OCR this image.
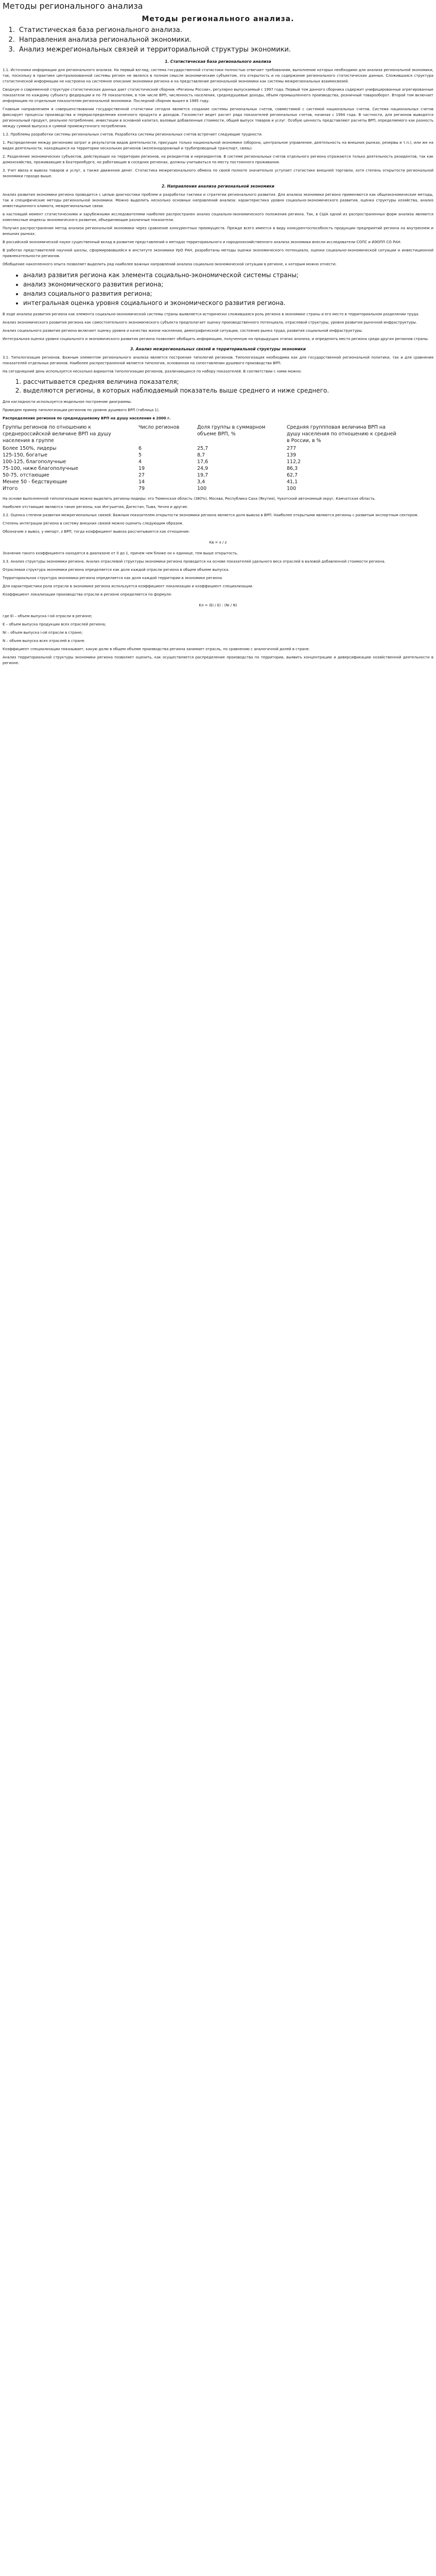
Методы регионального анализа
Методы регионального анализа.
1. Статистическая база регионального анализа.
2. Направления анализа региональной экономики.
3. Анализ межрегиональных связей и территориальной структуры экономики.
1. Статистическая база регионального анализа

1.1. Источники информации для регионального анализа. На первый взгляд, система государственной статистики полностью отвечает требованиям, выполнение которых необходимо для анализа региональной экономики, так, поскольку в практике централизованной системы регион не являлся в полном смысле экономическим субъектом, эта открытость и на содержание регионального статистических данных. Сложившаяся структура статистической информации не настроена на системное описание экономики региона и на представление региональной экономики как системы межрегиональных взаимосвязей.

Сводную о современной структуре статистических данных дает статистический сборник «Регионы России», регулярно выпускаемый с 1997 года. Первый том данного сборника содержит унифицированные агрегированные показатели по каждому субъекту федерации и по 79 показателям, в том числе ВРП, численность населения, среднедушевые доходы, объем промышленного производства, розничный товарооборот. Второй том включает информацию по отдельным показателям региональной экономики. Последний сборник вышел в 1985 году.

Главным направлением в совершенствовании государственной статистики сегодня является создание системы региональных счетов, совместимой с системой национальных счетов. Система национальных счетов фиксирует процессы производства и перераспределения конечного продукта и доходов. Госкомстат ведет расчет ряда показателей региональных счетов, начиная с 1994 года. В частности, для регионов выводятся региональный продукт, реальное потребление, инвестиции в основной капитал, валовые добавленные стоимости, общий выпуск товаров и услуг. Особую ценность представляют расчеты ВРП, определяемого как разность между суммой выпуска и суммой промежуточного потребления.

1.2. Проблемы разработки системы региональных счетов. Разработка системы региональных счетов встречает следующие трудности.

1. Распределение между регионами затрат и результатов видов деятельности, присущих только национальной экономике (оборона, центральное управление, деятельность на внешних рынках, резервы и т.п.), или же на видах деятельности, находящихся на территории нескольких регионов (железнодорожный и трубопроводный транспорт, связь).

2. Разделение экономических субъектов, действующих на территории регионов, на резидентов и нерезидентов. В системе региональных счетов отдельного региона отражаются только деятельность резидентов, так как домохозяйства, проживающие в Екатеринбурге, но работающие в соседних регионах, должны учитываться по месту постоянного проживания.

3. Учет ввоза и вывоза товаров и услуг, а также движения денег. Статистика межрегионального обмена по своей полноте значительно уступает статистике внешней торговли, хотя степень открытости региональной экономики гораздо выше.

2. Направления анализа региональной экономики

Анализ развития экономики региона проводится с целью диагностики проблем и разработки тактики и стратегии регионального развития. Для анализа экономики региона применяются как общеэкономические методы, так и специфические методы региональной экономики. Можно выделить несколько основных направлений анализа: характеристика уровня социально-экономического развития, оценка структуры хозяйства, анализ инвестиционного климата, межрегиональные связи.

в настоящий момент статистическими и зарубежными исследователями наиболее распространен анализ социально-экономического положения региона. Так, в США одной из распространенных форм анализа являются комплексные индексы экономического развития, объединяющие различные показатели.

Получил распространение метод анализа региональной экономики через сравнение конкурентных преимуществ. Прежде всего имеется в виду конкурентоспособность продукции предприятий региона на внутреннем и внешних рынках.

В российской экономической науке существенный вклад в развитие представлений о методах территориального и народнохозяйственного анализа экономики внесли исследователи СОПС и ИЭОПП СО РАН.

В работах представителей научной школы, сформировавшейся в институте экономики УрО РАН, разработаны методы оценки экономического потенциала, оценки социально-экономической ситуации и инвестиционной привлекательности регионов.

Обобщение накопленного опыта позволяет выделить ряд наиболее важных направлений анализа социально-экономической ситуации в регионе, к которым можно отнести:

• анализ развития региона как элемента социально-экономической системы страны;
• анализ экономического развития региона;
• анализ социального развития региона;
• интегральная оценка уровня социального и экономического развития региона.

В ходе анализа развития региона как элемента социально-экономической системы страны выявляется исторически сложившаяся роль региона в экономике страны и его место в территориальном разделении труда.

Анализ экономического развития региона как самостоятельного экономического субъекта предполагает оценку производственного потенциала, отраслевой структуры, уровня развития рыночной инфраструктуры.

Анализ социального развития региона включает оценку уровня и качества жизни населения, демографической ситуации, состояния рынка труда, развития социальной инфраструктуры.

Интегральная оценка уровня социального и экономического развития региона позволяет обобщить информацию, полученную на предыдущих этапах анализа, и определить место региона среди других регионов страны.

3. Анализ межрегиональных связей и территориальной структуры экономики

3.1. Типологизация регионов. Важным элементом регионального анализа является построение типологий регионов. Типологизация необходима как для государственной региональной политики, так и для сравнения показателей отдельных регионов. Наиболее распространенной является типология, основанная на сопоставлении душевого производства ВРП.

На сегодняшний день используется несколько вариантов типологизации регионов, различающихся по набору показателей. В соответствии с ними можно:

1. рассчитывается средняя величина показателя;
2. выделяются регионы, в которых наблюдаемый показатель выше среднего и ниже среднего.

Для наглядности используется модельное построение диаграммы.

Приведем пример типологизации регионов по уровню душевого ВРП (таблица 1).

Распределение регионов по среднедушевому ВРП на душу населения в 2000 г.

Группы регионов по отношению к среднероссийской величине ВРП на душу населения в группе	Число регионов	Доля группы в суммарном объеме ВРП, %	Средняя группповая величина ВРП на душу населения по отношению к средней в России, в %
Более 150%, лидеры	6	25,7	277
125-150, богатые	5	8,7	139
100-125, благополучные	4	17,6	112,2
75-100, ниже благополучные	19	24,9	86,3
50-75, отстающие	27	19,7	62,7
Менее 50 - бедствующие	14	3,4	41,1
Итого	79	100	100

На основе выполненной типологизации можно выделить регионы-лидеры: это Тюменская область (380%), Москва, Республика Саха (Якутия), Чукотский автономный округ, Камчатская область.

Наиболее отстающие являются такие регионы, как Ингушетия, Дагестан, Тыва, Чечня и другие.

3.2. Оценка степени развития межрегиональных связей. Важным показателем открытости экономики региона является доля вывоза в ВРП. Наиболее открытыми являются регионы с развитым экспортным сектором.

Степень интеграции региона в систему внешних связей можно оценить следующим образом.

Обозначим x вывоз, y импорт, z ВРП, тогда коэффициент вывоза рассчитывается как отношение:

Kв = x / z

Значения такого коэффициента находятся в диапазоне от 0 до 1, причем чем ближе он к единице, тем выше открытость.

3.3. Анализ структуры экономики региона. Анализ отраслевой структуры экономики региона проводится на основе показателей удельного веса отраслей в валовой добавленной стоимости региона.

Отраслевая структура экономики региона определяется как доля каждой отрасли региона в общем объеме выпуска.

Территориальная структура экономики региона определяется как доля каждой территории в экономике региона.

Для характеристики роли отрасли в экономике региона используется коэффициент локализации и коэффициент специализации.

Коэффициент локализации производства отрасли в регионе определяется по формуле:

Kл = (Ei / E) : (Ni / N)

где Ei – объем выпуска i-ой отрасли в регионе;

E – объем выпуска продукции всех отраслей региона;

Ni – объем выпуска i-ой отрасли в стране;

N – объем выпуска всех отраслей в стране.

Коэффициент специализации показывает, какую долю в общем объеме производства региона занимает отрасль, по сравнению с аналогичной долей в стране.

Анализ территориальной структуры экономики региона позволяет оценить, как осуществляется распределение производства по территории, выявить концентрацию и диверсификацию хозяйственной деятельности в регионе.
